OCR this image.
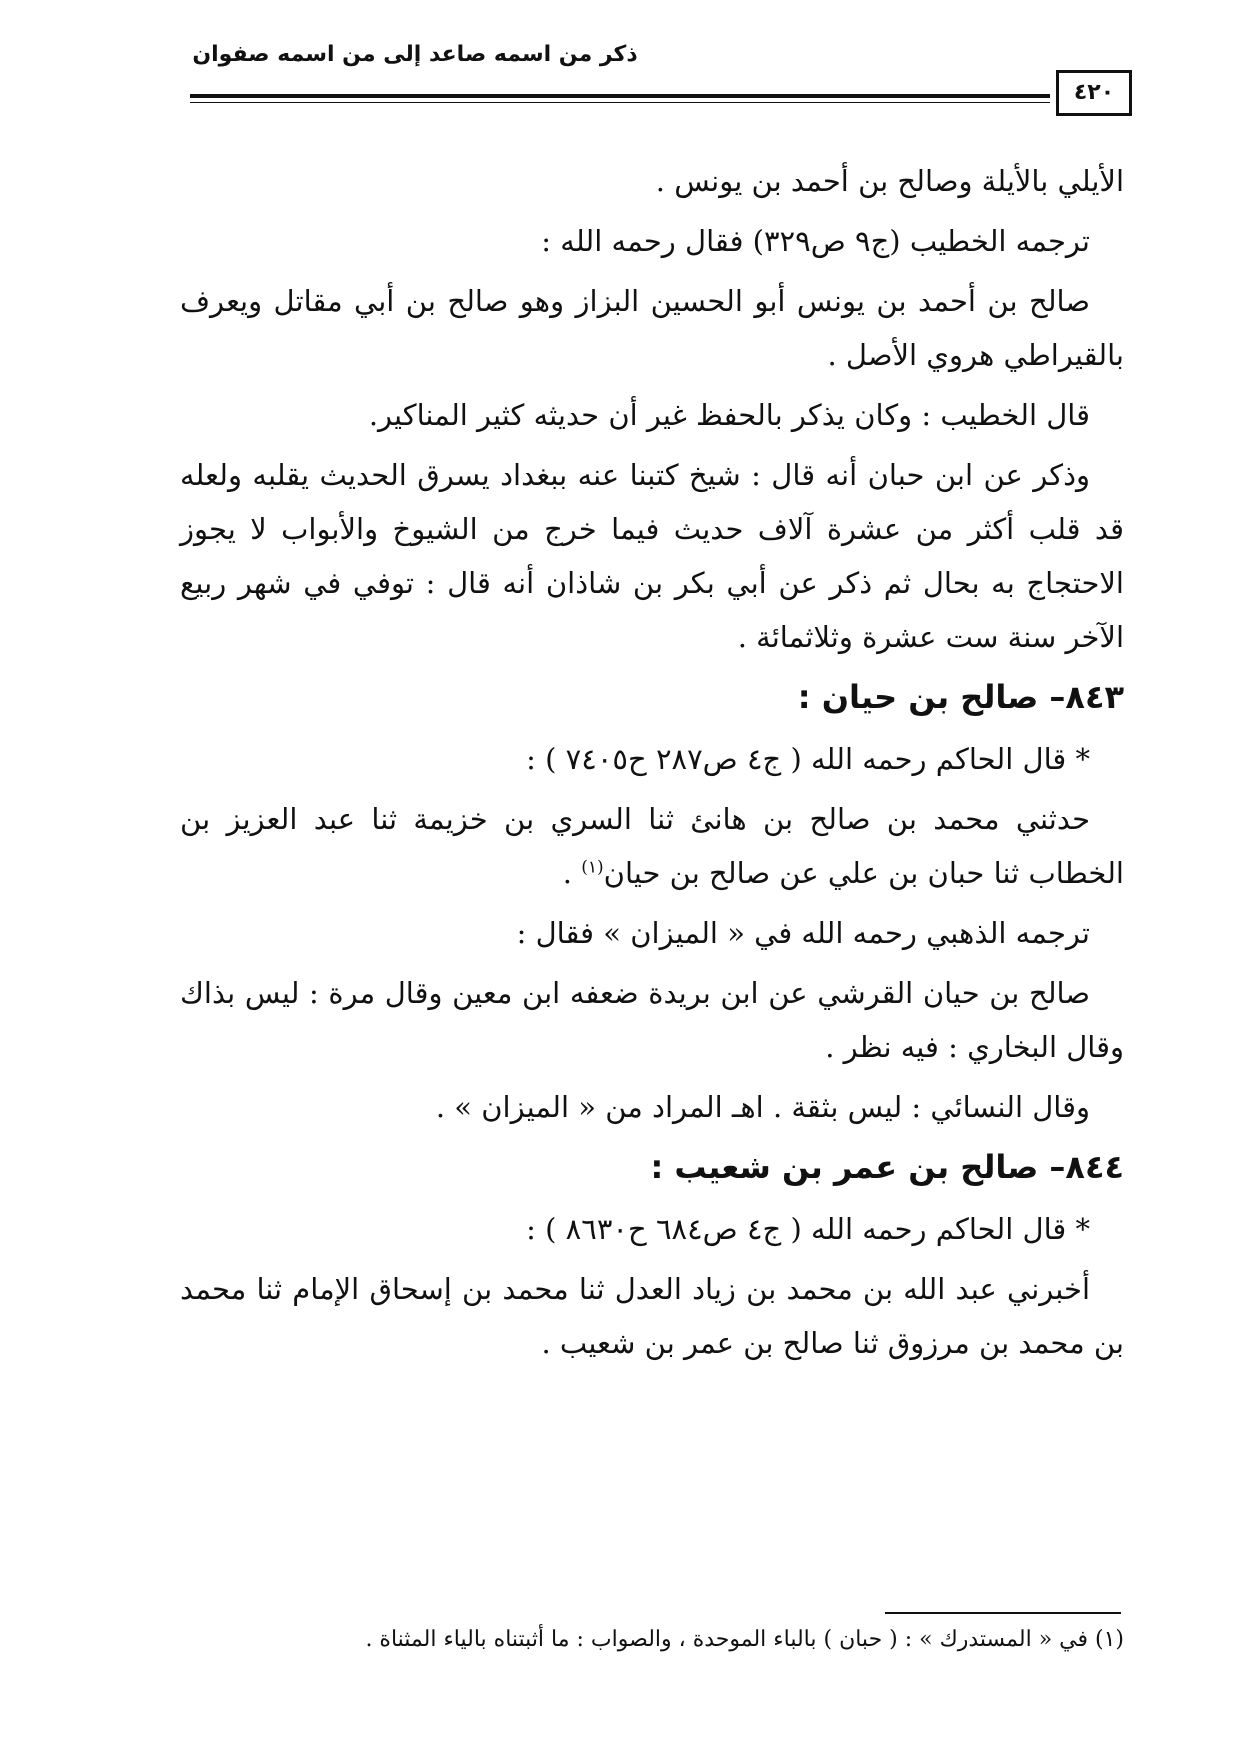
ذكر من اسمه صاعد إلى من اسمه صفوان
٤٢٠

الأيلي بالأيلة وصالح بن أحمد بن يونس .

ترجمه الخطيب (ج٩ ص٣٢٩) فقال رحمه الله :

صالح بن أحمد بن يونس أبو الحسين البزاز وهو صالح بن أبي مقاتل ويعرف بالقيراطي هروي الأصل .

قال الخطيب : وكان يذكر بالحفظ غير أن حديثه كثير المناكير.

وذكر عن ابن حبان أنه قال : شيخ كتبنا عنه ببغداد يسرق الحديث يقلبه ولعله قد قلب أكثر من عشرة آلاف حديث فيما خرج من الشيوخ والأبواب لا يجوز الاحتجاج به بحال ثم ذكر عن أبي بكر بن شاذان أنه قال : توفي في شهر ربيع الآخر سنة ست عشرة وثلاثمائة .

٨٤٣– صالح بن حيان :

* قال الحاكم رحمه الله ( ج٤ ص٢٨٧ ح٧٤٠٥ ) :

حدثني محمد بن صالح بن هانئ ثنا السري بن خزيمة ثنا عبد العزيز بن الخطاب ثنا حبان بن علي عن صالح بن حيان$^{(١)}$ .

ترجمه الذهبي رحمه الله في « الميزان » فقال :

صالح بن حيان القرشي عن ابن بريدة ضعفه ابن معين وقال مرة : ليس بذاك وقال البخاري : فيه نظر .

وقال النسائي : ليس بثقة . اهـ المراد من « الميزان » .

٨٤٤– صالح بن عمر بن شعيب :

* قال الحاكم رحمه الله ( ج٤ ص٦٨٤ ح٨٦٣٠ ) :

أخبرني عبد الله بن محمد بن زياد العدل ثنا محمد بن إسحاق الإمام ثنا محمد بن محمد بن مرزوق ثنا صالح بن عمر بن شعيب .

(١) في « المستدرك » : ( حبان ) بالباء الموحدة ، والصواب : ما أثبتناه بالياء المثناة .
